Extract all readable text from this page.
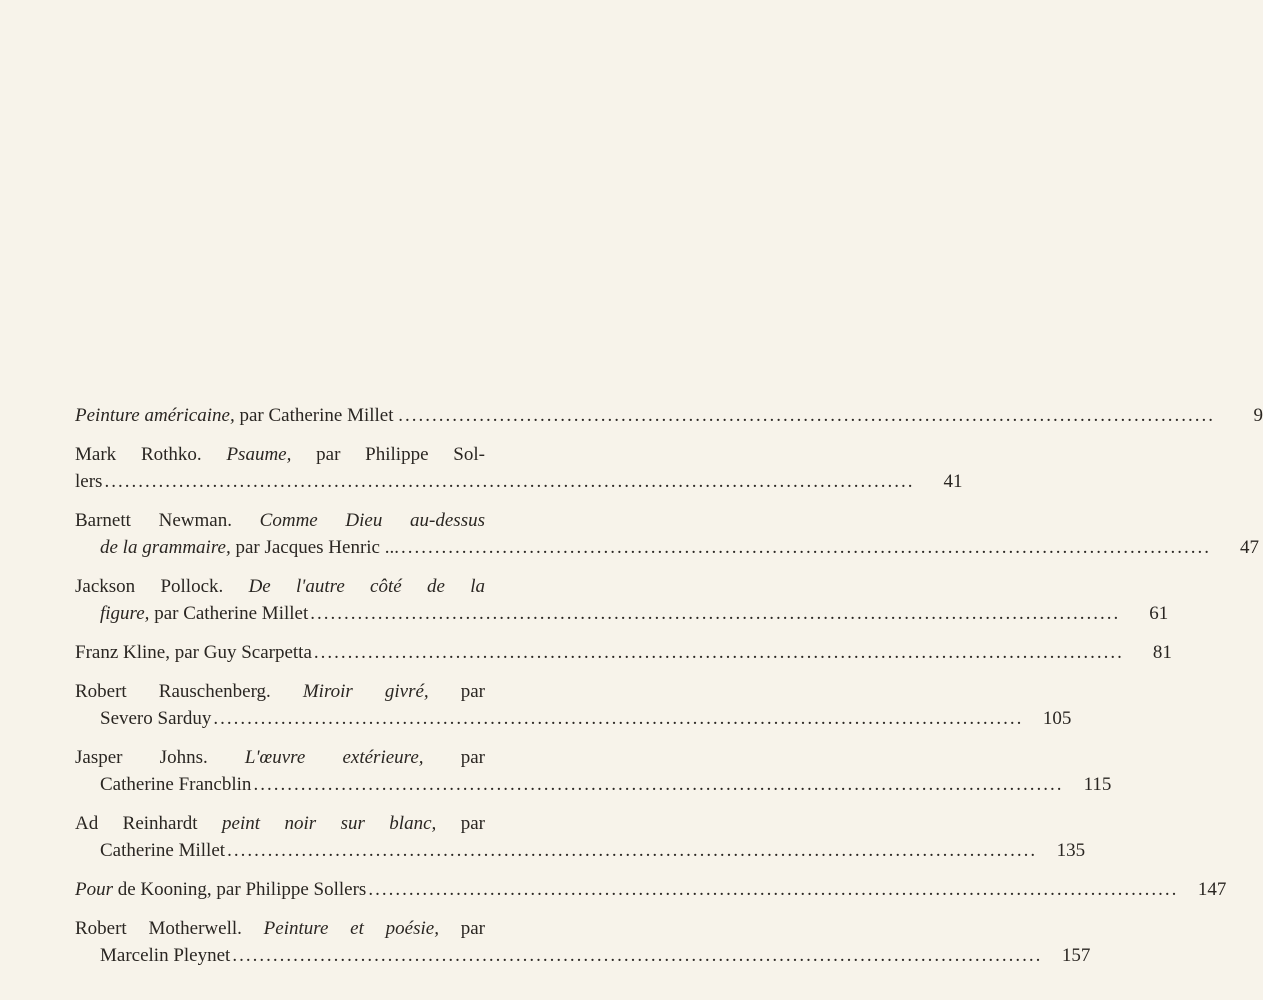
Peinture américaine, par Catherine Millet . ........................................................................................................................	9
Mark Rothko. Psaume, par Philippe Sol-
lers ........................................................................................................................	41
Barnett Newman. Comme Dieu au-dessus
de la grammaire, par Jacques Henric ... ........................................................................................................................	47
Jackson Pollock. De l'autre côté de la
figure, par Catherine Millet ........................................................................................................................	61
Franz Kline, par Guy Scarpetta ........................................................................................................................	81
Robert Rauschenberg. Miroir givré, par
Severo Sarduy ........................................................................................................................	105
Jasper Johns. L'œuvre extérieure, par
Catherine Francblin ........................................................................................................................	115
Ad Reinhardt peint noir sur blanc, par
Catherine Millet ........................................................................................................................	135
Pour de Kooning, par Philippe Sollers ........................................................................................................................	147
Robert Motherwell. Peinture et poésie, par
Marcelin Pleynet ........................................................................................................................	157
